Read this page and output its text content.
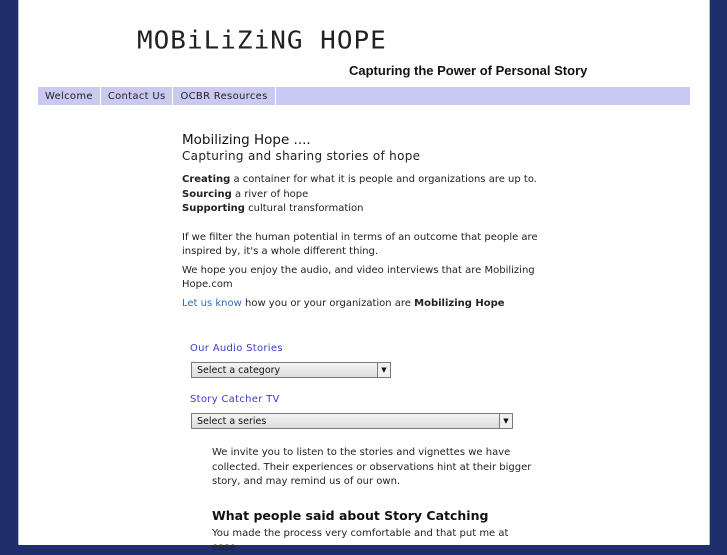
MOBiLiZiNG HOPE
Capturing the Power of Personal Story
Welcome	Contact Us	OCBR Resources
Mobilizing Hope ....
Capturing and sharing stories of hope

Creating a container for what it is people and organizations are up to.

Sourcing a river of hope

Supporting cultural transformation

If we filter the human potential in terms of an outcome that people are inspired by, it's a whole different thing.

We hope you enjoy the audio, and video interviews that are Mobilizing Hope.com

Let us know how you or your organization are Mobilizing Hope

Our Audio Stories
Select a category	▼
Story Catcher TV
Select a series	▼
We invite you to listen to the stories and vignettes we have collected. Their experiences or observations hint at their bigger story, and may remind us of our own.
What people said about Story Catching
You made the process very comfortable and that put me at ease
